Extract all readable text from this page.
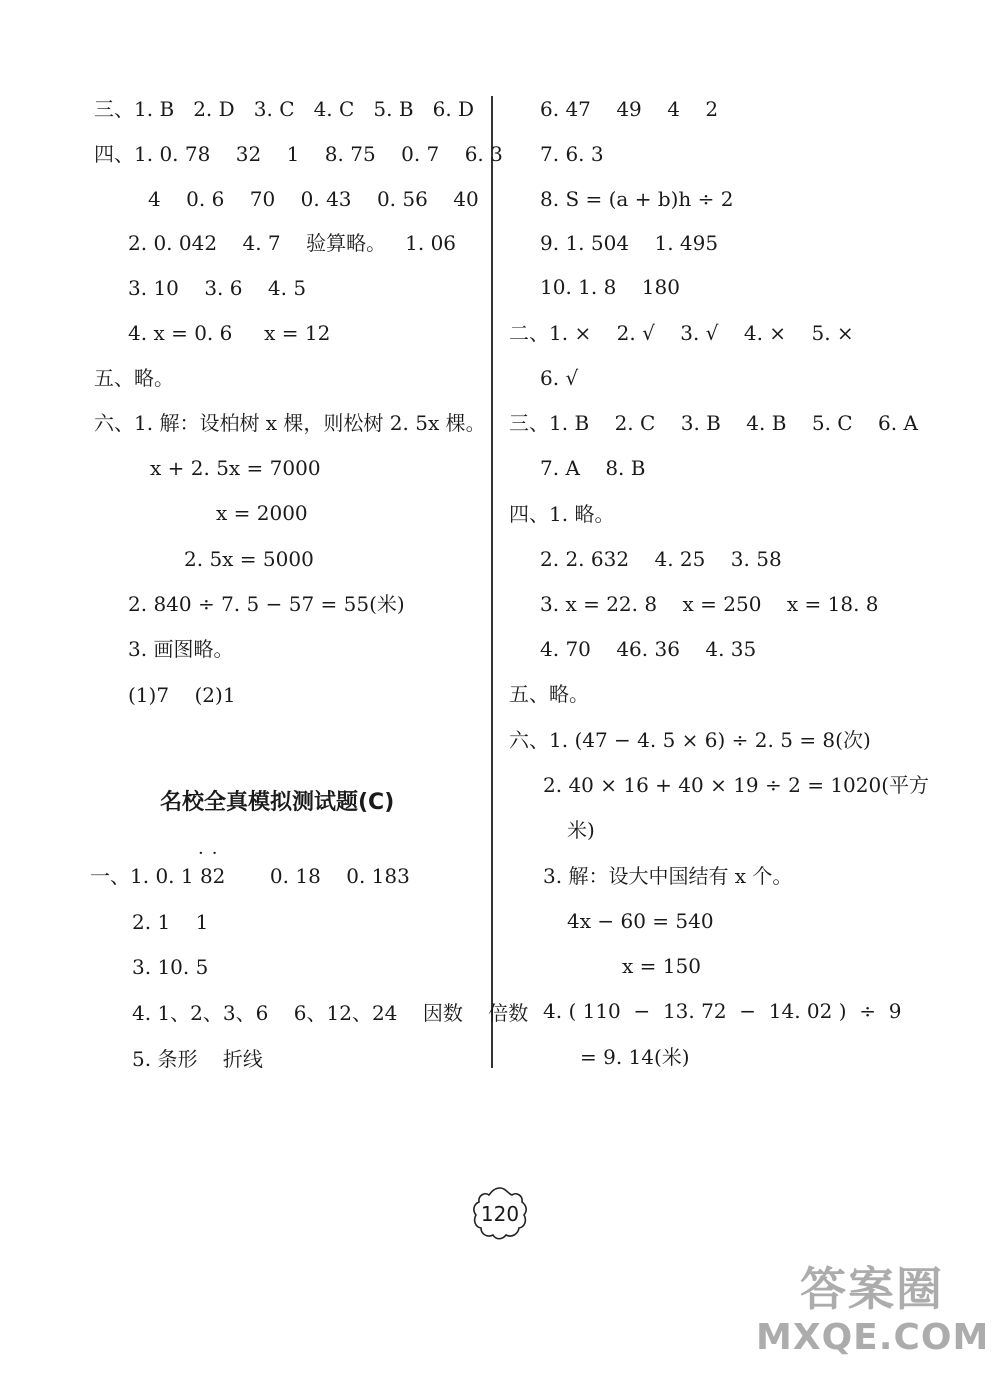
三、1. B   2. D   3. C   4. C   5. B   6. D
四、1. 0. 78    32    1    8. 75    0. 7    6. 3
4    0. 6    70    0. 43    0. 56    40
2. 0. 042    4. 7    验算略。   1. 06
3. 10    3. 6    4. 5
4. x = 0. 6     x = 12
五、略。
六、1. 解：设柏树 x 棵，则松树 2. 5x 棵。
x + 2. 5x = 7000
x = 2000
2. 5x = 5000
2. 840 ÷ 7. 5 − 57 = 55(米)
3. 画图略。
(1)7    (2)1
名校全真模拟测试题(C)
··
一、1. 0. 1 82       0. 18    0. 183
2. 1    1
3. 10. 5
4. 1、2、3、6    6、12、24    因数    倍数
5. 条形    折线
6. 47    49    4    2
7. 6. 3
8. S = (a + b)h ÷ 2
9. 1. 504    1. 495
10. 1. 8    180
二、1. ×    2. √    3. √    4. ×    5. ×
6. √
三、1. B    2. C    3. B    4. B    5. C    6. A
7. A    8. B
四、1. 略。
2. 2. 632    4. 25    3. 58
3. x = 22. 8    x = 250    x = 18. 8
4. 70    46. 36    4. 35
五、略。
六、1. (47 − 4. 5 × 6) ÷ 2. 5 = 8(次)
2. 40 × 16 + 40 × 19 ÷ 2 = 1020(平方
米)
3. 解：设大中国结有 x 个。
4x − 60 = 540
x = 150
4. ( 110  −  13. 72  −  14. 02 )  ÷  9
= 9. 14(米)
120
答案圈
MXQE.COM
